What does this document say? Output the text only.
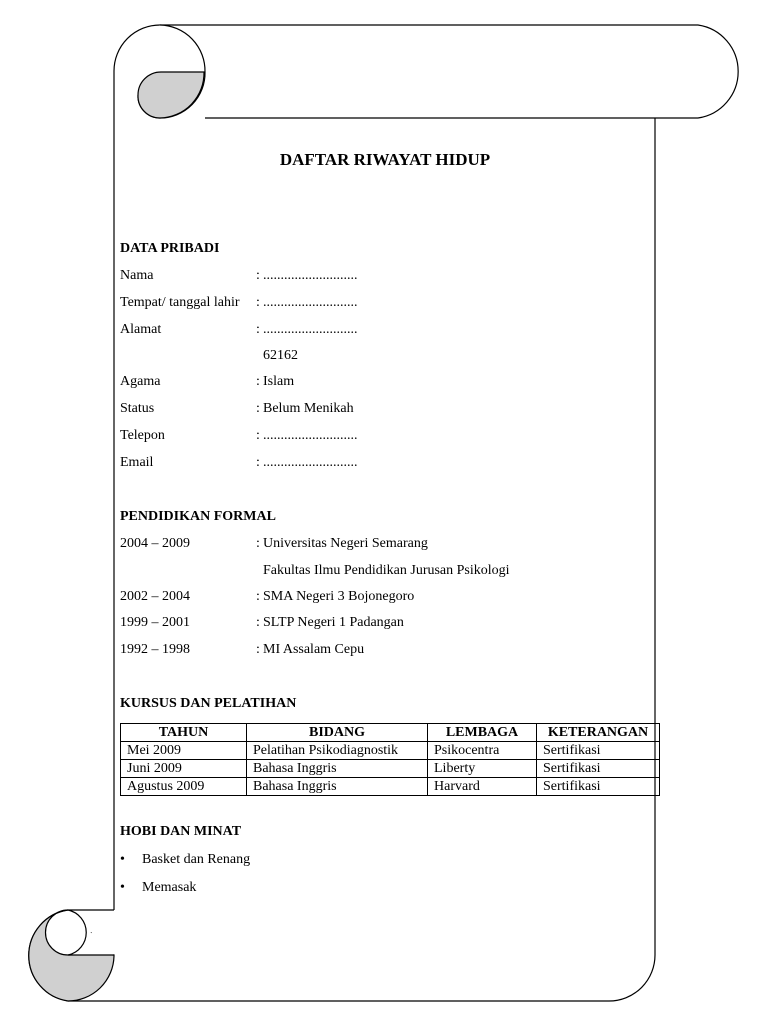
DAFTAR RIWAYAT HIDUP
DATA PRIBADI
Nama	: ...........................
Tempat/ tanggal lahir : ...........................
Alamat	: ...........................
62162
Agama	: Islam
Status	: Belum Menikah
Telepon	: ...........................
Email	: ...........................
PENDIDIKAN FORMAL
2004 – 2009	: Universitas Negeri Semarang
Fakultas Ilmu Pendidikan Jurusan Psikologi
2002 – 2004	: SMA Negeri 3 Bojonegoro
1999 – 2001	: SLTP Negeri 1 Padangan
1992 – 1998	: MI Assalam Cepu
KURSUS DAN PELATIHAN
TAHUN	BIDANG	LEMBAGA	KETERANGAN
Mei 2009	Pelatihan Psikodiagnostik	Psikocentra	Sertifikasi
Juni 2009	Bahasa Inggris	Liberty	Sertifikasi
Agustus 2009	Bahasa Inggris	Harvard	Sertifikasi
HOBI DAN MINAT
• Basket dan Renang
• Memasak
